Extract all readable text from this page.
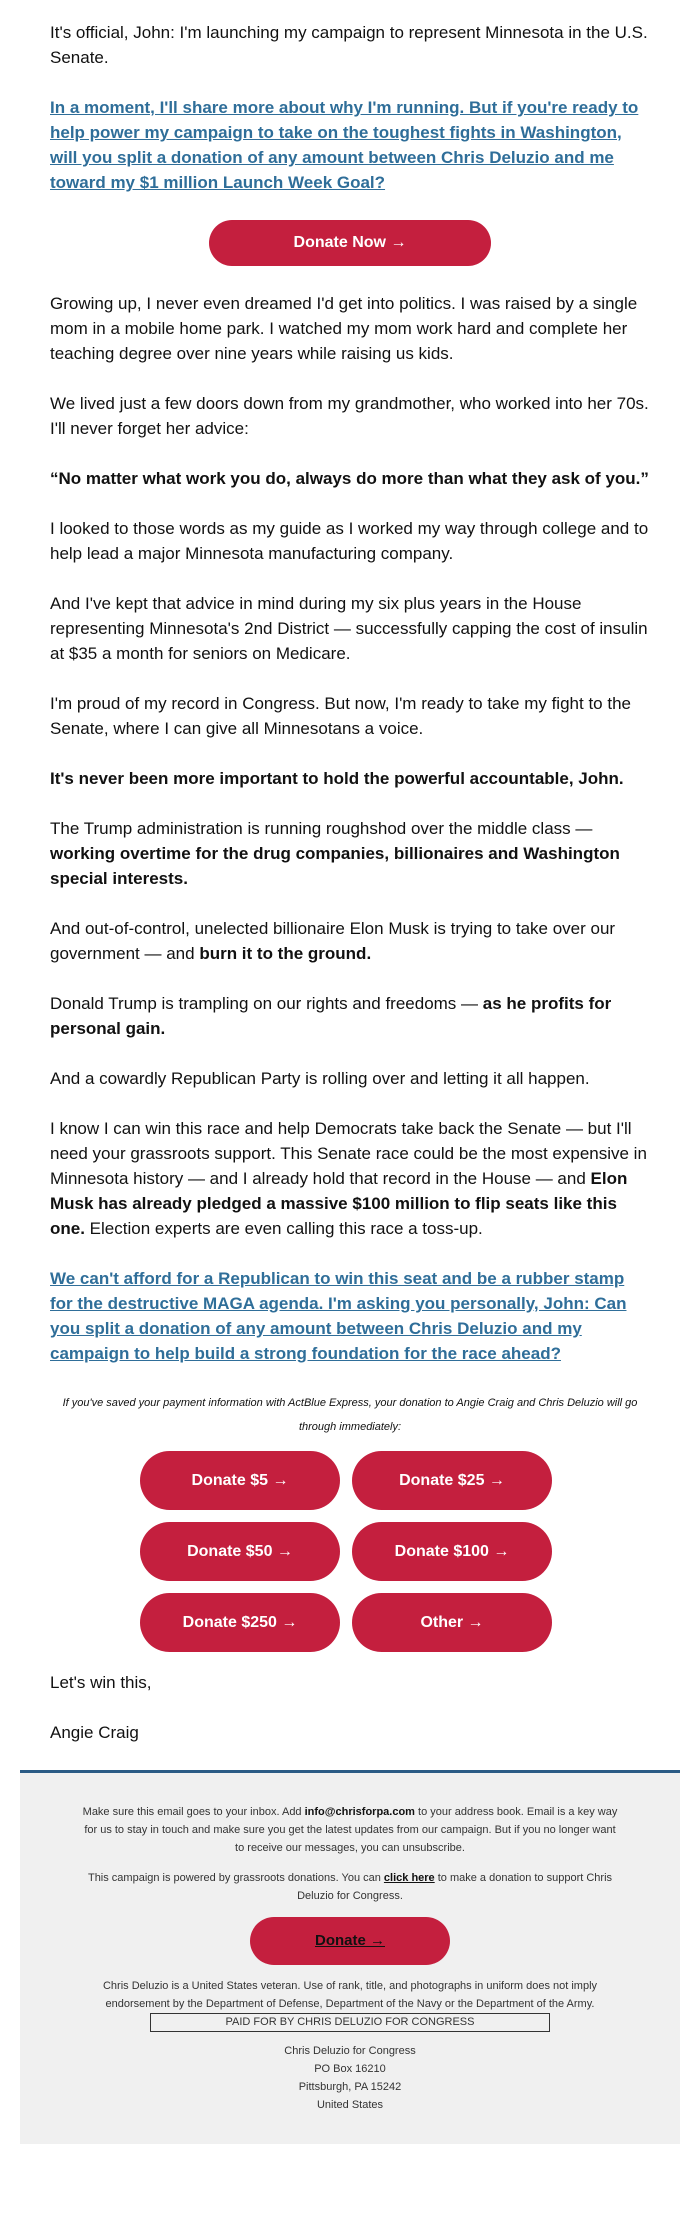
It's official, John: I'm launching my campaign to represent Minnesota in the U.S. Senate.

In a moment, I'll share more about why I'm running. But if you're ready to help power my campaign to take on the toughest fights in Washington, will you split a donation of any amount between Chris Deluzio and me toward my $1 million Launch Week Goal?
Donate Now →

Growing up, I never even dreamed I'd get into politics. I was raised by a single mom in a mobile home park. I watched my mom work hard and complete her teaching degree over nine years while raising us kids.

We lived just a few doors down from my grandmother, who worked into her 70s. I'll never forget her advice:

“No matter what work you do, always do more than what they ask of you.”

I looked to those words as my guide as I worked my way through college and to help lead a major Minnesota manufacturing company.

And I've kept that advice in mind during my six plus years in the House representing Minnesota's 2nd District — successfully capping the cost of insulin at $35 a month for seniors on Medicare.

I'm proud of my record in Congress. But now, I'm ready to take my fight to the Senate, where I can give all Minnesotans a voice.

It's never been more important to hold the powerful accountable, John.

The Trump administration is running roughshod over the middle class — working overtime for the drug companies, billionaires and Washington special interests.

And out-of-control, unelected billionaire Elon Musk is trying to take over our government — and burn it to the ground.

Donald Trump is trampling on our rights and freedoms — as he profits for personal gain.

And a cowardly Republican Party is rolling over and letting it all happen.

I know I can win this race and help Democrats take back the Senate — but I'll need your grassroots support. This Senate race could be the most expensive in Minnesota history — and I already hold that record in the House — and Elon Musk has already pledged a massive $100 million to flip seats like this one. Election experts are even calling this race a toss-up.

We can't afford for a Republican to win this seat and be a rubber stamp for the destructive MAGA agenda. I'm asking you personally, John: Can you split a donation of any amount between Chris Deluzio and my campaign to help build a strong foundation for the race ahead?

If you've saved your payment information with ActBlue Express, your donation to Angie Craig and Chris Deluzio will go through immediately:

Donate $5 →	Donate $25 →
Donate $50 →	Donate $100 →
Donate $250 →	Other →

Let's win this,

Angie Craig

Make sure this email goes to your inbox. Add info@chrisforpa.com to your address book. Email is a key way for us to stay in touch and make sure you get the latest updates from our campaign. But if you no longer want to receive our messages, you can unsubscribe.

This campaign is powered by grassroots donations. You can click here to make a donation to support Chris Deluzio for Congress.

Donate →
Chris Deluzio is a United States veteran. Use of rank, title, and photographs in uniform does not imply endorsement by the Department of Defense, Department of the Navy or the Department of the Army.
PAID FOR BY CHRIS DELUZIO FOR CONGRESS
Chris Deluzio for Congress
PO Box 16210
Pittsburgh, PA 15242
United States
